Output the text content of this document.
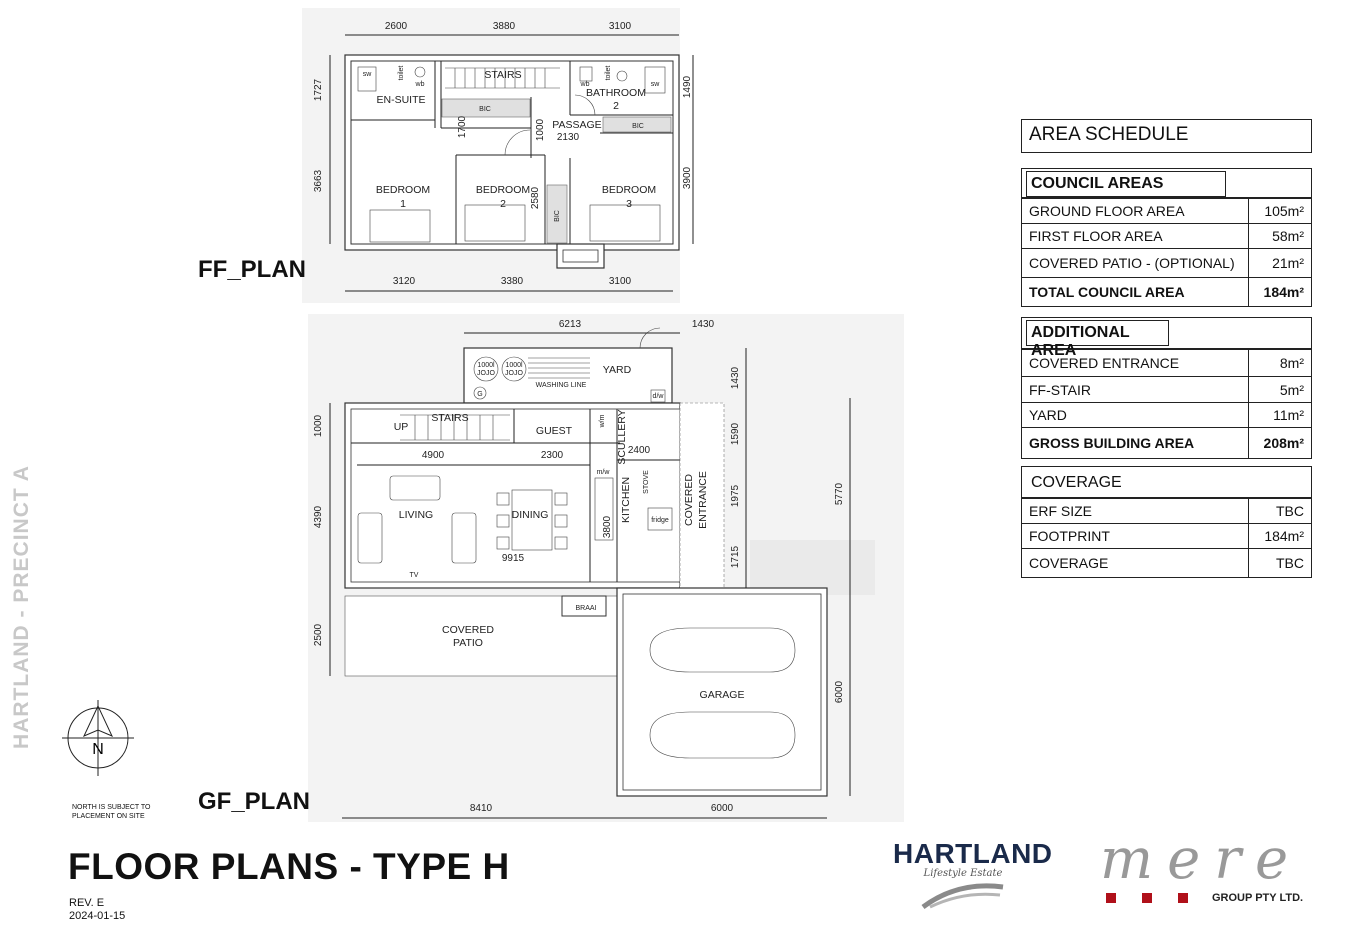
HARTLAND - PRECINCT A
2600	3880	3100
3120	3380	3100
1727
3663
1490
3900
1700	1000 2130
2580
EN-SUITE
STAIRS
BATHROOM
2
PASSAGE
BIC
BIC
BIC
BEDROOM
1
BEDROOM
2
BEDROOM
3
sw	toilet
wb	wb
toilet
sw
6213	1430
8410	6000
1000
4390
2500
1430
1590
1975
1715
5770
6000
4900	2300	2400
3800
9915
YARD
WASHING LINE
1000l
JOJO
1000l
JOJO
G
STAIRS
UP	GUEST	SCULLERY
KITCHEN	COVERED ENTRANCE
LIVING	DINING
TV
BRAAI
COVERED
PATIO
GARAGE
STOVE
fridge
m/w
d/w
w/m
N
FF_PLAN
GF_PLAN
NORTH IS SUBJECT TO
PLACEMENT ON SITE
FLOOR PLANS - TYPE H
REV. E
2024-01-15
AREA SCHEDULE
COUNCIL AREAS
GROUND FLOOR AREA	105m²
FIRST FLOOR AREA	58m²
COVERED PATIO - (OPTIONAL)	21m²
TOTAL COUNCIL AREA	184m²
ADDITIONAL AREA
COVERED ENTRANCE	8m²
FF-STAIR	5m²
YARD	11m²
GROSS BUILDING AREA	208m²
COVERAGE
ERF SIZE	TBC
FOOTPRINT	184m²
COVERAGE	TBC
HARTLAND
Lifestyle Estate	mere
GROUP PTY LTD.
